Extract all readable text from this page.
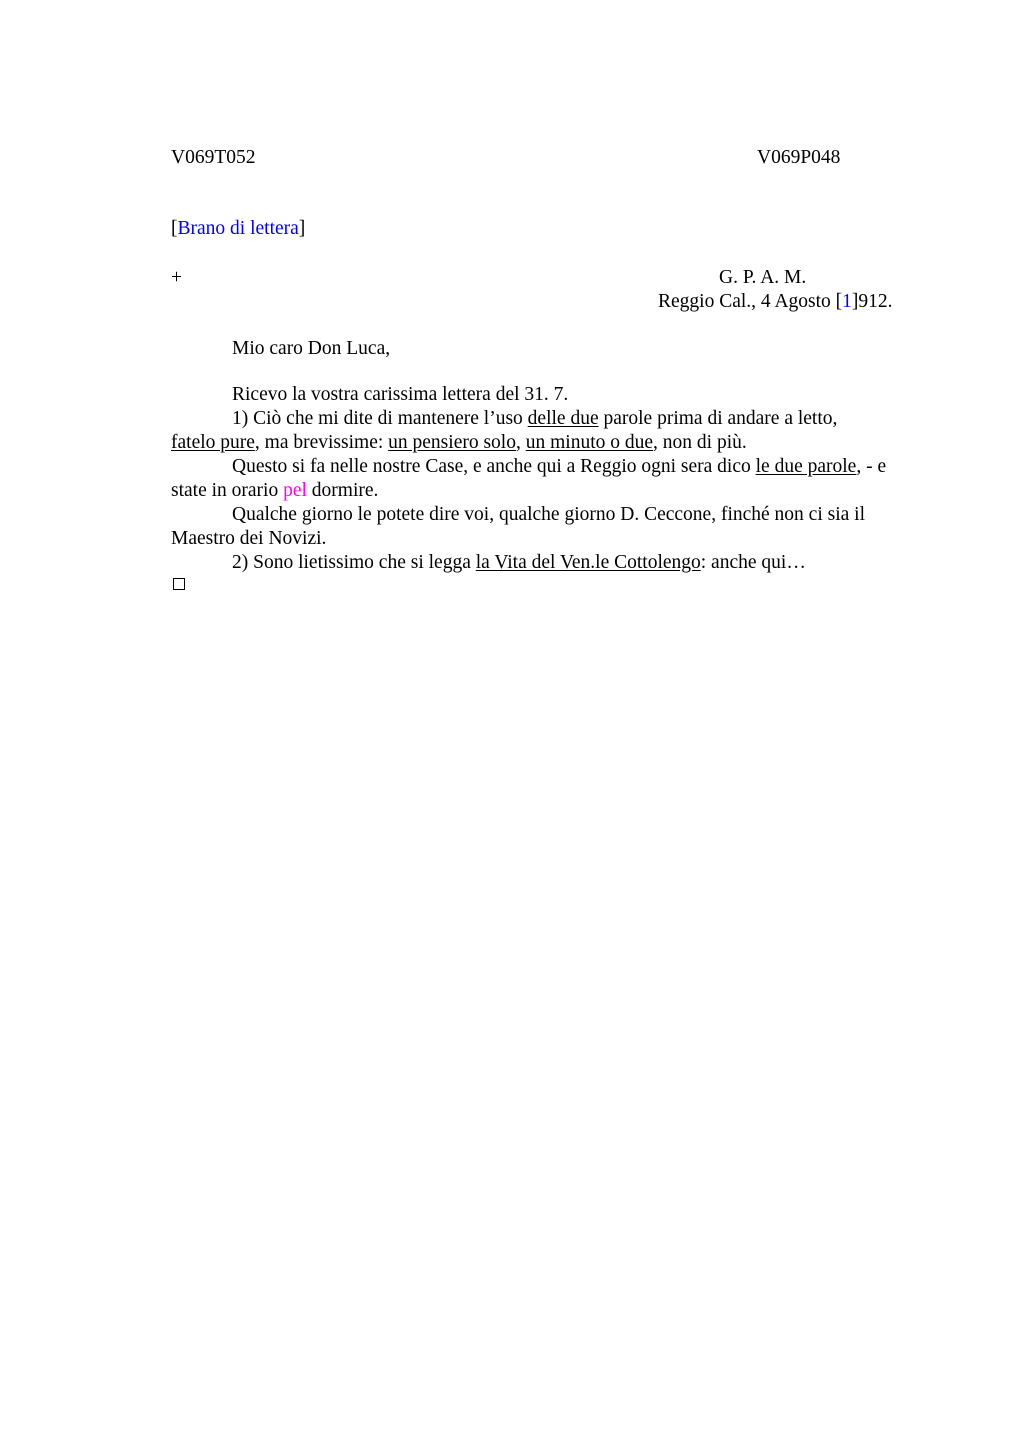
V069T052	V069P048
[Brano di lettera]
+	G. P. A. M.
Reggio Cal., 4 Agosto [1]912.
Mio caro Don Luca,

Ricevo la vostra carissima lettera del 31. 7.

1) Ciò che mi dite di mantenere l’uso delle due parole prima di andare a letto,

fatelo pure, ma brevissime: un pensiero solo, un minuto o due, non di più.

Questo si fa nelle nostre Case, e anche qui a Reggio ogni sera dico le due parole, - e

state in orario pel dormire.

Qualche giorno le potete dire voi, qualche giorno D. Ceccone, finché non ci sia il

Maestro dei Novizi.

2) Sono lietissimo che si legga la Vita del Ven.le Cottolengo: anche qui…
